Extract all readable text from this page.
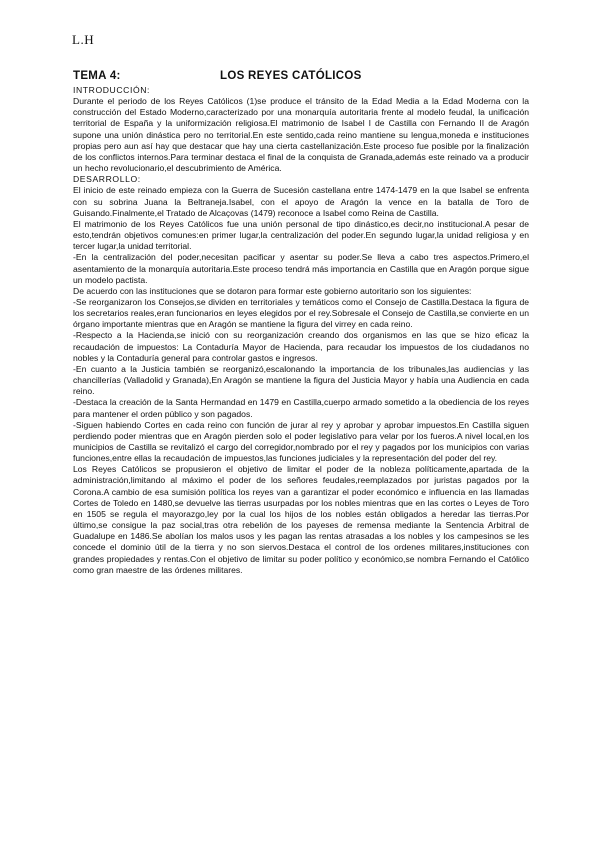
L.H
TEMA 4:	LOS REYES CATÓLICOS
INTRODUCCIÓN:

Durante el periodo de los Reyes Católicos (1)se produce el tránsito de la Edad Media a la Edad Moderna con la construcción del Estado Moderno,caracterizado por una monarquía autoritaria frente al modelo feudal, la unificación territorial de España y la uniformización religiosa.El matrimonio de Isabel I de Castilla con Fernando II de Aragón supone una unión dinástica pero no territorial.En este sentido,cada reino mantiene su lengua,moneda e instituciones propias pero aun así hay que destacar que hay una cierta castellanización.Este proceso fue posible por la finalización de los conflictos internos.Para terminar destaca el final de la conquista de Granada,además este reinado va a producir un hecho revolucionario,el descubrimiento de América.

DESARROLLO:

El inicio de este reinado empieza con la Guerra de Sucesión castellana entre 1474-1479 en la que Isabel se enfrenta con su sobrina Juana la Beltraneja.Isabel, con el apoyo de Aragón la vence en la batalla de Toro de Guisando.Finalmente,el Tratado de Alcaçovas (1479) reconoce a Isabel como Reina de Castilla.

El matrimonio de los Reyes Católicos fue una unión personal de tipo dinástico,es decir,no institucional.A pesar de esto,tendrán objetivos comunes:en primer lugar,la centralización del poder.En segundo lugar,la unidad religiosa y en tercer lugar,la unidad territorial.

-En la centralización del poder,necesitan pacificar y asentar su poder.Se lleva a cabo tres aspectos.Primero,el asentamiento de la monarquía autoritaria.Este proceso tendrá más importancia en Castilla que en Aragón porque sigue un modelo pactista.

De acuerdo con las instituciones que se dotaron para formar este gobierno autoritario son los siguientes:

-Se reorganizaron los Consejos,se dividen en territoriales y temáticos como el Consejo de Castilla.Destaca la figura de los secretarios reales,eran funcionarios en leyes elegidos por el rey.Sobresale el Consejo de Castilla,se convierte en un órgano importante mientras que en Aragón se mantiene la figura del virrey en cada reino.

-Respecto a la Hacienda,se inició con su reorganización creando dos organismos en las que se hizo eficaz la recaudación de impuestos: La Contaduría Mayor de Hacienda, para recaudar los impuestos de los ciudadanos no nobles y la Contaduría general para controlar gastos e ingresos.

-En cuanto a la Justicia también se reorganizó,escalonando la importancia de los tribunales,las audiencias y las chancillerías (Valladolid y Granada),En Aragón se mantiene la figura del Justicia Mayor y había una Audiencia en cada reino.

-Destaca la creación de la Santa Hermandad en 1479 en Castilla,cuerpo armado sometido a la obediencia de los reyes para mantener el orden público y son pagados.

-Siguen habiendo Cortes en cada reino con función de jurar al rey y aprobar y aprobar impuestos.En Castilla siguen perdiendo poder mientras que en Aragón pierden solo el poder legislativo para velar por los fueros.A nivel local,en los municipios de Castilla se revitalizó el cargo del corregidor,nombrado por el rey y pagados por los municipios con varias funciones,entre ellas la recaudación de impuestos,las funciones judiciales y la representación del poder del rey.

Los Reyes Católicos se propusieron el objetivo de limitar el poder de la nobleza políticamente,apartada de la administración,limitando al máximo el poder de los señores feudales,reemplazados por juristas pagados por la Corona.A cambio de esa sumisión política los reyes van a garantizar el poder económico e influencia en las llamadas Cortes de Toledo en 1480,se devuelve las tierras usurpadas por los nobles mientras que en las cortes o Leyes de Toro en 1505 se regula el mayorazgo,ley por la cual los hijos de los nobles están obligados a heredar las tierras.Por último,se consigue la paz social,tras otra rebelión de los payeses de remensa mediante la Sentencia Arbitral de Guadalupe en 1486.Se abolían los malos usos y les pagan las rentas atrasadas a los nobles y los campesinos se les concede el dominio útil de la tierra y no son siervos.Destaca el control de los ordenes militares,instituciones con grandes propiedades y rentas.Con el objetivo de limitar su poder político y económico,se nombra Fernando el Católico como gran maestre de las órdenes militares.
